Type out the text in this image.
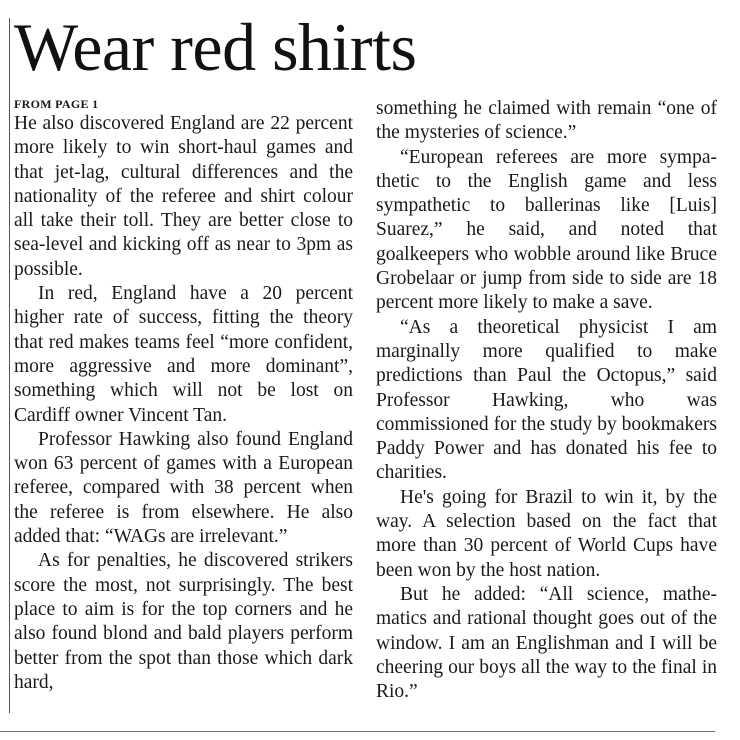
Wear red shirts
FROM PAGE 1

He also discovered England are 22 percent more likely to win short-haul games and that jet-lag, cultural differences and the nationality of the referee and shirt colour all take their toll. They are better close to sea-level and kicking off as near to 3pm as possible.

In red, England have a 20 percent higher rate of success, fitting the theory that red makes teams feel “more confident, more aggressive and more dominant”, something which will not be lost on Cardiff owner Vincent Tan.

Professor Hawking also found England won 63 percent of games with a European referee, compared with 38 percent when the referee is from elsewhere. He also added that: “WAGs are irrelevant.”

As for penalties, he discovered strikers score the most, not surprisingly. The best place to aim is for the top corners and he also found blond and bald players perform better from the spot than those which dark hard,

something he claimed with remain “one of the mysteries of science.”

“European referees are more sympathetic to the English game and less sympathetic to ballerinas like [Luis] Suarez,” he said, and noted that goalkeepers who wobble around like Bruce Grobelaar or jump from side to side are 18 percent more likely to make a save.

“As a theoretical physicist I am marginally more qualified to make predictions than Paul the Octopus,” said Professor Hawking, who was commissioned for the study by bookmakers Paddy Power and has donated his fee to charities.

He's going for Brazil to win it, by the way. A selection based on the fact that more than 30 percent of World Cups have been won by the host nation.

But he added: “All science, mathematics and rational thought goes out of the window. I am an Englishman and I will be cheering our boys all the way to the final in Rio.”
